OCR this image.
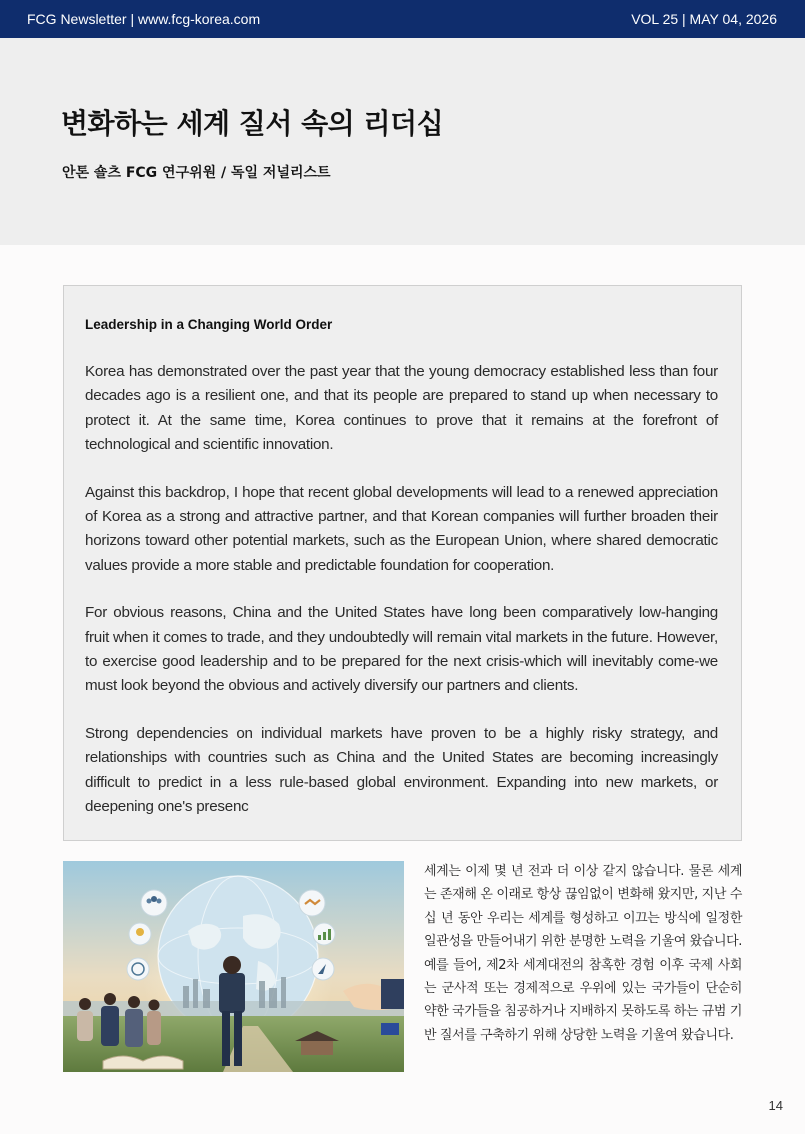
FCG Newsletter | www.fcg-korea.com	VOL 25 | MAY 04, 2026
변화하는 세계 질서 속의 리더십
안톤 숄츠 FCG 연구위원 / 독일 저널리스트
Leadership in a Changing World Order

Korea has demonstrated over the past year that the young democracy established less than four decades ago is a resilient one, and that its people are prepared to stand up when necessary to protect it. At the same time, Korea continues to prove that it remains at the forefront of technological and scientific innovation.

Against this backdrop, I hope that recent global developments will lead to a renewed appreciation of Korea as a strong and attractive partner, and that Korean companies will further broaden their horizons toward other potential markets, such as the European Union, where shared democratic values provide a more stable and predictable foundation for cooperation.

For obvious reasons, China and the United States have long been comparatively low-hanging fruit when it comes to trade, and they undoubtedly will remain vital markets in the future. However, to exercise good leadership and to be prepared for the next crisis-which will inevitably come-we must look beyond the obvious and actively diversify our partners and clients.

Strong dependencies on individual markets have proven to be a highly risky strategy, and relationships with countries such as China and the United States are becoming increasingly difficult to predict in a less rule-based global environment. Expanding into new markets, or deepening one's presenc

세계는 이제 몇 년 전과 더 이상 같지 않습니다. 물론 세계는 존재해 온 이래로 항상 끊임없이 변화해 왔지만, 지난 수십 년 동안 우리는 세계를 형성하고 이끄는 방식에 일정한 일관성을 만들어내기 위한 분명한 노력을 기울여 왔습니다. 예를 들어, 제2차 세계대전의 참혹한 경험 이후 국제 사회는 군사적 또는 경제적으로 우위에 있는 국가들이 단순히 약한 국가들을 침공하거나 지배하지 못하도록 하는 규범 기반 질서를 구축하기 위해 상당한 노력을 기울여 왔습니다.
14
